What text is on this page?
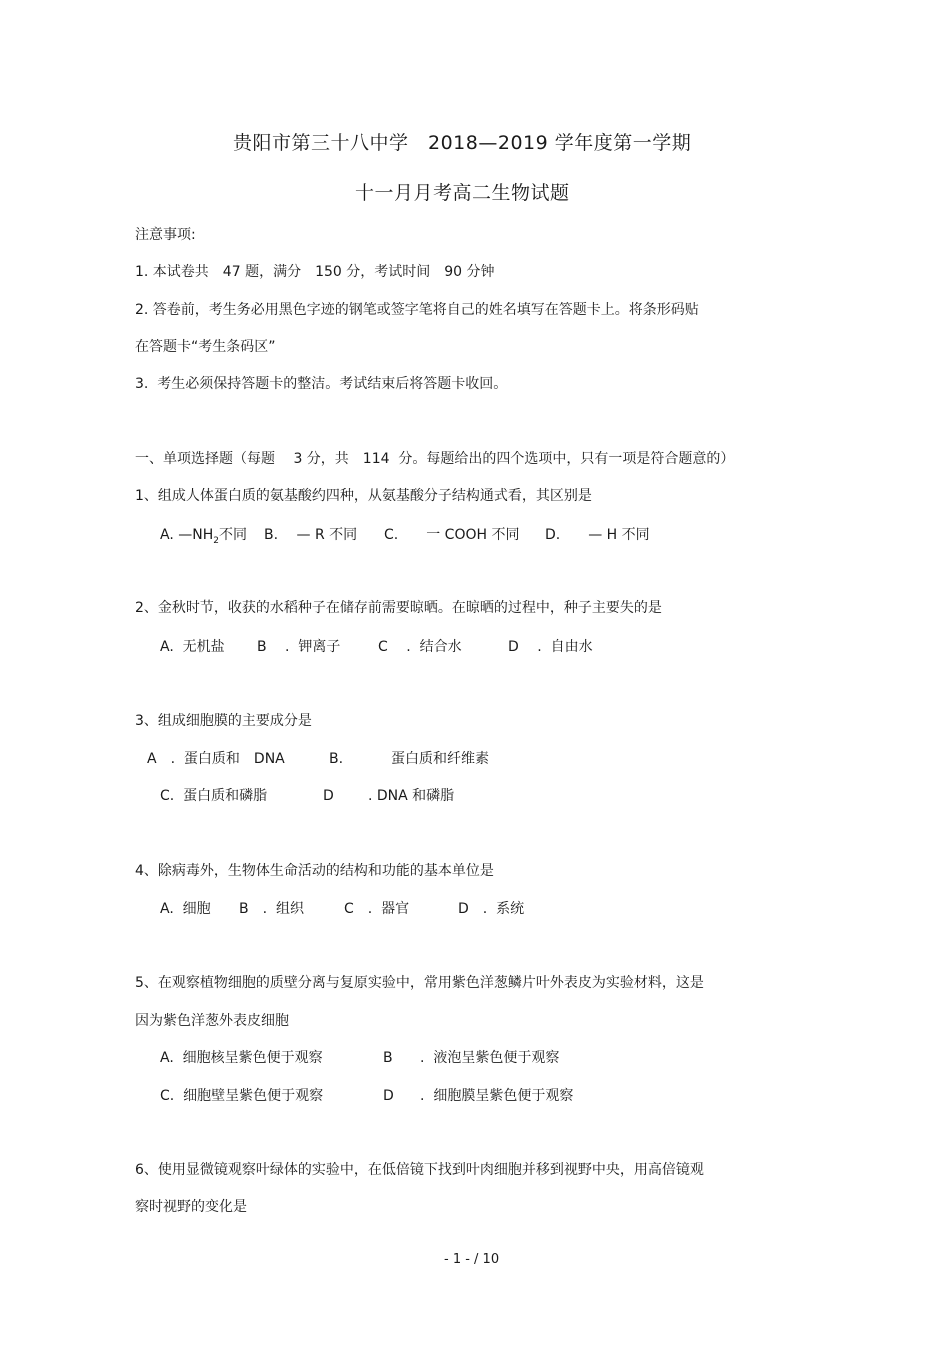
贵阳市第三十八中学　2018—2019 学年度第一学期
十一月月考高二生物试题
注意事项:
1. 本试卷共　47 题，满分　150 分，考试时间　90 分钟
2. 答卷前，考生务必用黑色字迹的钢笔或签字笔将自己的姓名填写在答题卡上。将条形码贴
在答题卡“考生条码区”
3.  考生必须保持答题卡的整洁。考试结束后将答题卡收回。
一、单项选择题（每题　 3 分，共　114  分。每题给出的四个选项中，只有一项是符合题意的）
1、组成人体蛋白质的氨基酸约四种，从氨基酸分子结构通式看，其区别是
A. $—NH_2$不同 B.　 — R 不同 C.　　一 COOH 不同 D.　　— H 不同
2、金秋时节，收获的水稻种子在储存前需要晾晒。在晾晒的过程中，种子主要失的是
A.  无机盐 B　 .  钾离子	C　 .  结合水	D　 .  自由水
3、组成细胞膜的主要成分是
A　.  蛋白质和　DNA	B.	蛋白质和纤维素
C.  蛋白质和磷脂	D . DNA 和磷脂
4、除病毒外，生物体生命活动的结构和功能的基本单位是
A.  细胞 B　.  组织	C　.  器官	D　.  系统
5、在观察植物细胞的质壁分离与复原实验中，常用紫色洋葱鳞片叶外表皮为实验材料，这是
因为紫色洋葱外表皮细胞
A.  细胞核呈紫色便于观察	B .  液泡呈紫色便于观察
C.  细胞壁呈紫色便于观察	D .  细胞膜呈紫色便于观察
6、使用显微镜观察叶绿体的实验中，在低倍镜下找到叶肉细胞并移到视野中央，用高倍镜观
察时视野的变化是
- 1 - / 10
